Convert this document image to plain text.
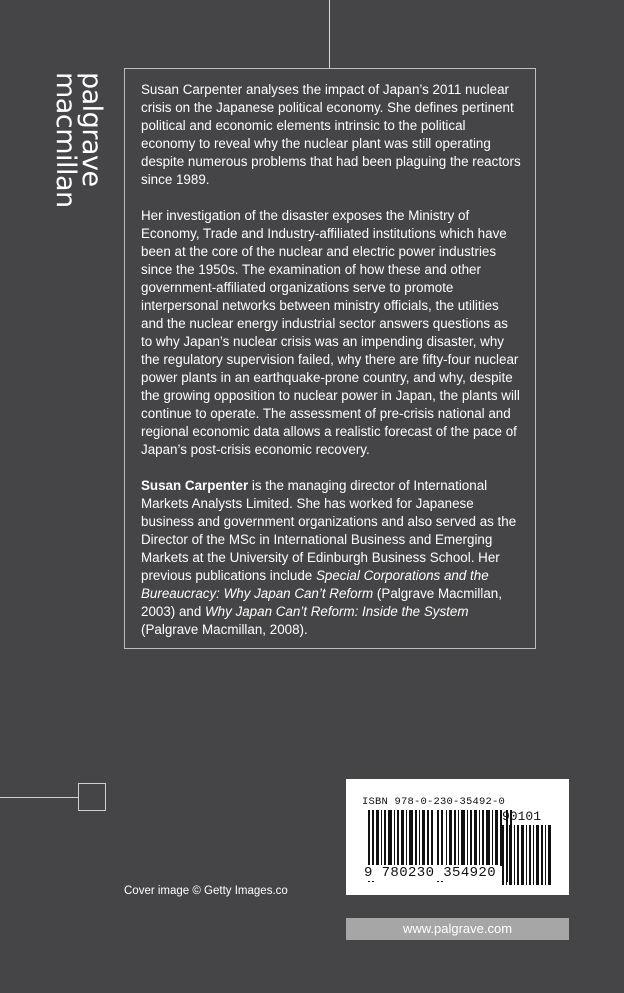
palgrave
macmillan	Susan Carpenter analyses the impact of Japan’s 2011 nuclear crisis on the Japanese political economy. She defines pertinent political and economic elements intrinsic to the political economy to reveal why the nuclear plant was still operating despite numerous problems that had been plaguing the reactors since 1989.

Her investigation of the disaster exposes the Ministry of Economy, Trade and Industry-affiliated institutions which have been at the core of the nuclear and electric power industries since the 1950s. The examination of how these and other government-affiliated organizations serve to promote interpersonal networks between ministry officials, the utilities and the nuclear energy industrial sector answers questions as to why Japan’s nuclear crisis was an impending disaster, why the regulatory supervision failed, why there are fifty-four nuclear power plants in an earthquake-prone country, and why, despite the growing opposition to nuclear power in Japan, the plants will continue to operate. The assessment of pre-crisis national and regional economic data allows a realistic forecast of the pace of Japan’s post-crisis economic recovery.

Susan Carpenter is the managing director of International Markets Analysts Limited. She has worked for Japanese business and government organizations and also served as the Director of the MSc in International Business and Emerging Markets at the University of Edinburgh Business School. Her previous publications include Special Corporations and the Bureaucracy: Why Japan Can’t Reform (Palgrave Macmillan, 2003) and Why Japan Can’t Reform: Inside the System (Palgrave Macmillan, 2008).

Cover image © Getty Images.co
ISBN 978-0-230-35492-0
9 780230 354920
90101
www.palgrave.com
